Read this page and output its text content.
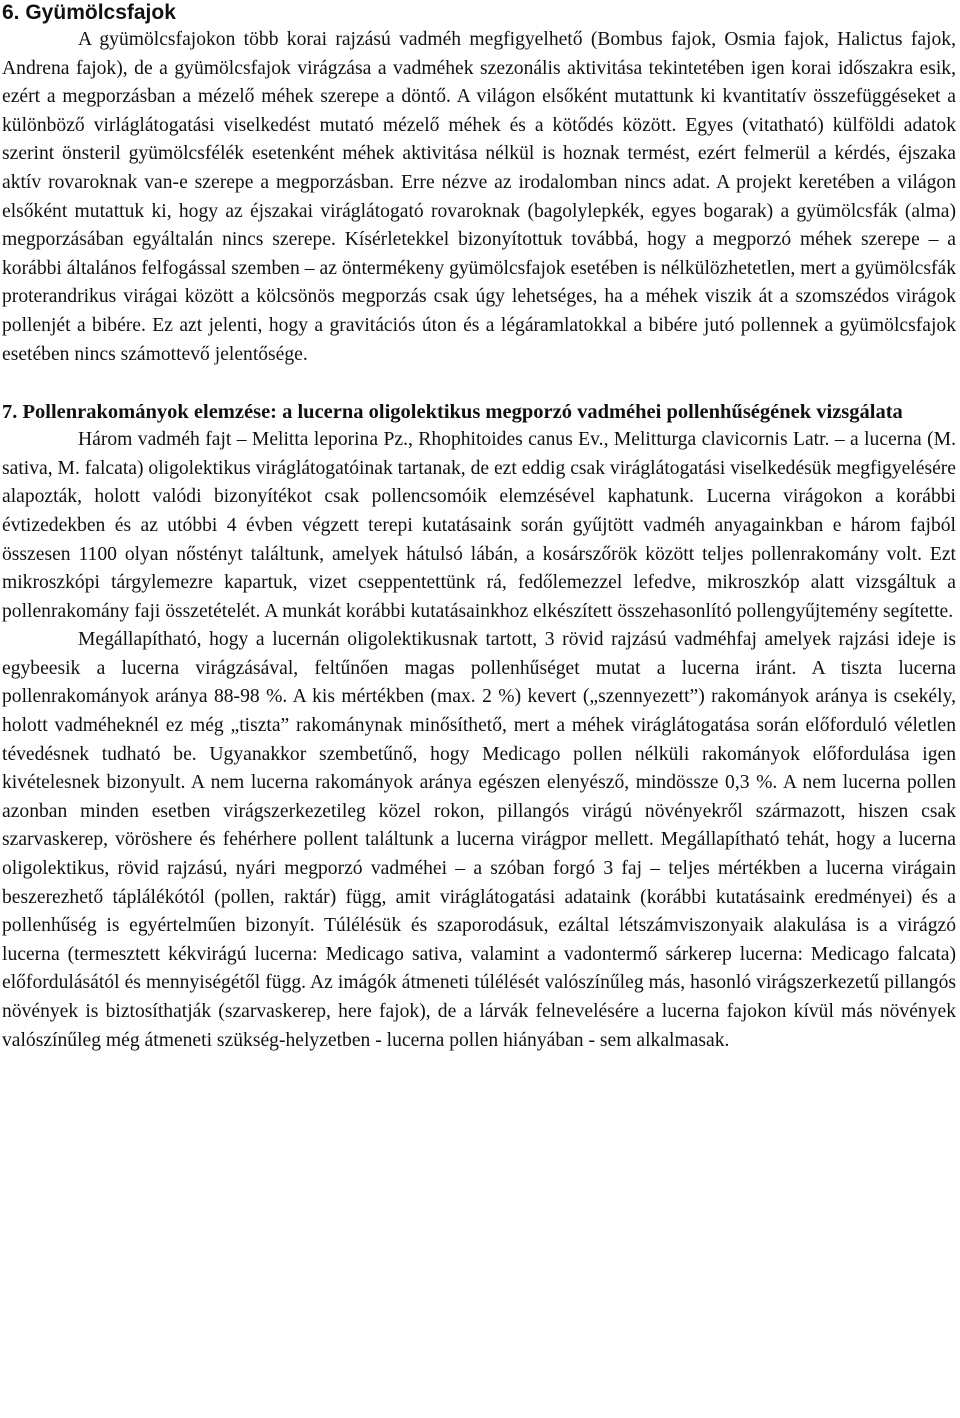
6. Gyümölcsfajok

A gyümölcsfajokon több korai rajzású vadméh megfigyelhető (Bombus fajok, Osmia fajok, Halictus fajok, Andrena fajok), de a gyümölcsfajok virágzása a vadméhek szezonális aktivitása tekintetében igen korai időszakra esik, ezért a megporzásban a mézelő méhek szerepe a döntő. A világon elsőként mutattunk ki kvantitatív összefüggéseket a különböző virláglátogatási viselkedést mutató mézelő méhek és a kötődés között. Egyes (vitatható) külföldi adatok szerint önsteril gyümölcsfélék esetenként méhek aktivitása nélkül is hoznak termést, ezért felmerül a kérdés, éjszaka aktív rovaroknak van-e szerepe a megporzásban. Erre nézve az irodalomban nincs adat. A projekt keretében a világon elsőként mutattuk ki, hogy az éjszakai viráglátogató rovaroknak (bagolylepkék, egyes bogarak) a gyümölcsfák (alma) megporzásában egyáltalán nincs szerepe. Kísérletekkel bizonyítottuk továbbá, hogy a megporzó méhek szerepe – a korábbi általános felfogással szemben – az öntermékeny gyümölcsfajok esetében is nélkülözhetetlen, mert a gyümölcsfák proterandrikus virágai között a kölcsönös megporzás csak úgy lehetséges, ha a méhek viszik át a szomszédos virágok pollenjét a bibére. Ez azt jelenti, hogy a gravitációs úton és a légáramlatokkal a bibére jutó pollennek a gyümölcsfajok esetében nincs számottevő jelentősége.

7. Pollenrakományok elemzése: a lucerna oligolektikus megporzó vadméhei pollenhűségének vizsgálata

Három vadméh fajt – Melitta leporina Pz., Rhophitoides canus Ev., Melitturga clavicornis Latr. – a lucerna (M. sativa, M. falcata) oligolektikus viráglátogatóinak tartanak, de ezt eddig csak viráglátogatási viselkedésük megfigyelésére alapozták, holott valódi bizonyítékot csak pollencsomóik elemzésével kaphatunk. Lucerna virágokon a korábbi évtizedekben és az utóbbi 4 évben végzett terepi kutatásaink során gyűjtött vadméh anyagainkban e három fajból összesen 1100 olyan nőstényt találtunk, amelyek hátulsó lábán, a kosárszőrök között teljes pollenrakomány volt. Ezt mikroszkópi tárgylemezre kapartuk, vizet cseppentettünk rá, fedőlemezzel lefedve, mikroszkóp alatt vizsgáltuk a pollenrakomány faji összetételét. A munkát korábbi kutatásainkhoz elkészített összehasonlító pollengyűjtemény segítette.

Megállapítható, hogy a lucernán oligolektikusnak tartott, 3 rövid rajzású vadméhfaj amelyek rajzási ideje is egybeesik a lucerna virágzásával, feltűnően magas pollenhűséget mutat a lucerna iránt. A tiszta lucerna pollenrakományok aránya 88-98 %. A kis mértékben (max. 2 %) kevert („szennyezett”) rakományok aránya is csekély, holott vadméheknél ez még „tiszta” rakománynak minősíthető, mert a méhek viráglátogatása során előforduló véletlen tévedésnek tudható be. Ugyanakkor szembetűnő, hogy Medicago pollen nélküli rakományok előfordulása igen kivételesnek bizonyult. A nem lucerna rakományok aránya egészen elenyésző, mindössze 0,3 %. A nem lucerna pollen azonban minden esetben virágszerkezetileg közel rokon, pillangós virágú növényekről származott, hiszen csak szarvaskerep, vöröshere és fehérhere pollent találtunk a lucerna virágpor mellett. Megállapítható tehát, hogy a lucerna oligolektikus, rövid rajzású, nyári megporzó vadméhei – a szóban forgó 3 faj – teljes mértékben a lucerna virágain beszerezhető táplálékótól (pollen, raktár) függ, amit viráglátogatási adataink (korábbi kutatásaink eredményei) és a pollenhűség is egyértelműen bizonyít. Túlélésük és szaporodásuk, ezáltal létszámviszonyaik alakulása is a virágzó lucerna (termesztett kékvirágú lucerna: Medicago sativa, valamint a vadontermő sárkerep lucerna: Medicago falcata) előfordulásától és mennyiségétől függ. Az imágók átmeneti túlélését valószínűleg más, hasonló virágszerkezetű pillangós növények is biztosíthatják (szarvaskerep, here fajok), de a lárvák felnevelésére a lucerna fajokon kívül más növények valószínűleg még átmeneti szükség-helyzetben - lucerna pollen hiányában - sem alkalmasak.
